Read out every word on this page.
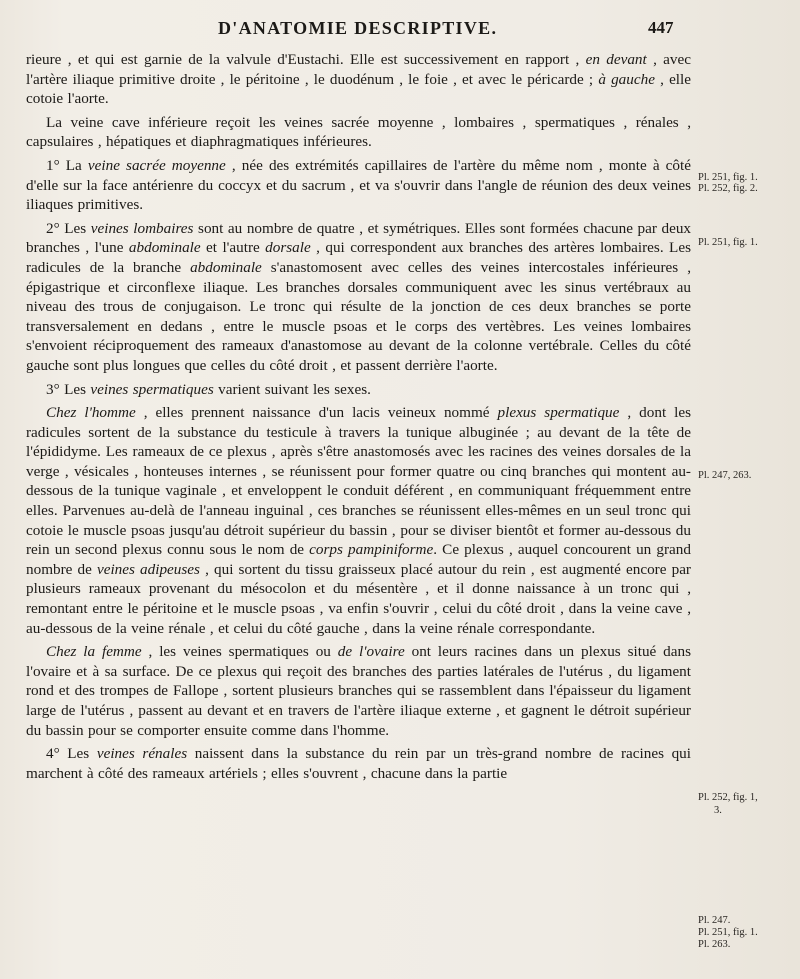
D'ANATOMIE DESCRIPTIVE.	447

rieure , et qui est garnie de la valvule d'Eustachi. Elle est successivement en rapport , en devant , avec l'artère iliaque primitive droite , le péritoine , le duodénum , le foie , et avec le péricarde ; à gauche , elle cotoie l'aorte.

La veine cave inférieure reçoit les veines sacrée moyenne , lombaires , spermatiques , rénales , capsulaires , hépatiques et diaphragmatiques inférieures.

1° La veine sacrée moyenne , née des extrémités capillaires de l'artère du même nom , monte à côté d'elle sur la face antérienre du coccyx et du sacrum , et va s'ouvrir dans l'angle de réunion des deux veines iliaques primitives.

2° Les veines lombaires sont au nombre de quatre , et symétriques. Elles sont formées chacune par deux branches , l'une abdominale et l'autre dorsale , qui correspondent aux branches des artères lombaires. Les radicules de la branche abdominale s'anastomosent avec celles des veines intercostales inférieures , épigastrique et circonflexe iliaque. Les branches dorsales communiquent avec les sinus vertébraux au niveau des trous de conjugaison. Le tronc qui résulte de la jonction de ces deux branches se porte transversalement en dedans , entre le muscle psoas et le corps des vertèbres. Les veines lombaires s'envoient réciproquement des rameaux d'anastomose au devant de la colonne vertébrale. Celles du côté gauche sont plus longues que celles du côté droit , et passent derrière l'aorte.

3° Les veines spermatiques varient suivant les sexes.

Chez l'homme , elles prennent naissance d'un lacis veineux nommé plexus spermatique , dont les radicules sortent de la substance du testicule à travers la tunique albuginée ; au devant de la tête de l'épididyme. Les rameaux de ce plexus , après s'être anastomosés avec les racines des veines dorsales de la verge , vésicales , honteuses internes , se réunissent pour former quatre ou cinq branches qui montent au-dessous de la tunique vaginale , et enveloppent le conduit déférent , en communiquant fréquemment entre elles. Parvenues au-delà de l'anneau inguinal , ces branches se réunissent elles-mêmes en un seul tronc qui cotoie le muscle psoas jusqu'au détroit supérieur du bassin , pour se diviser bientôt et former au-dessous du rein un second plexus connu sous le nom de corps pampiniforme. Ce plexus , auquel concourent un grand nombre de veines adipeuses , qui sortent du tissu graisseux placé autour du rein , est augmenté encore par plusieurs rameaux provenant du mésocolon et du mésentère , et il donne naissance à un tronc qui , remontant entre le péritoine et le muscle psoas , va enfin s'ouvrir , celui du côté droit , dans la veine cave , au-dessous de la veine rénale , et celui du côté gauche , dans la veine rénale correspondante.

Chez la femme , les veines spermatiques ou de l'ovaire ont leurs racines dans un plexus situé dans l'ovaire et à sa surface. De ce plexus qui reçoit des branches des parties latérales de l'utérus , du ligament rond et des trompes de Fallope , sortent plusieurs branches qui se rassemblent dans l'épaisseur du ligament large de l'utérus , passent au devant et en travers de l'artère iliaque externe , et gagnent le détroit supérieur du bassin pour se comporter ensuite comme dans l'homme.

4° Les veines rénales naissent dans la substance du rein par un très-grand nombre de racines qui marchent à côté des rameaux artériels ; elles s'ouvrent , chacune dans la partie

Pl. 251, fig. 1.
Pl. 252, fig. 2.
Pl. 251, fig. 1.
Pl. 247, 263.
Pl. 252, fig. 1,
3.
Pl. 247.
Pl. 251, fig. 1.
Pl. 263.
